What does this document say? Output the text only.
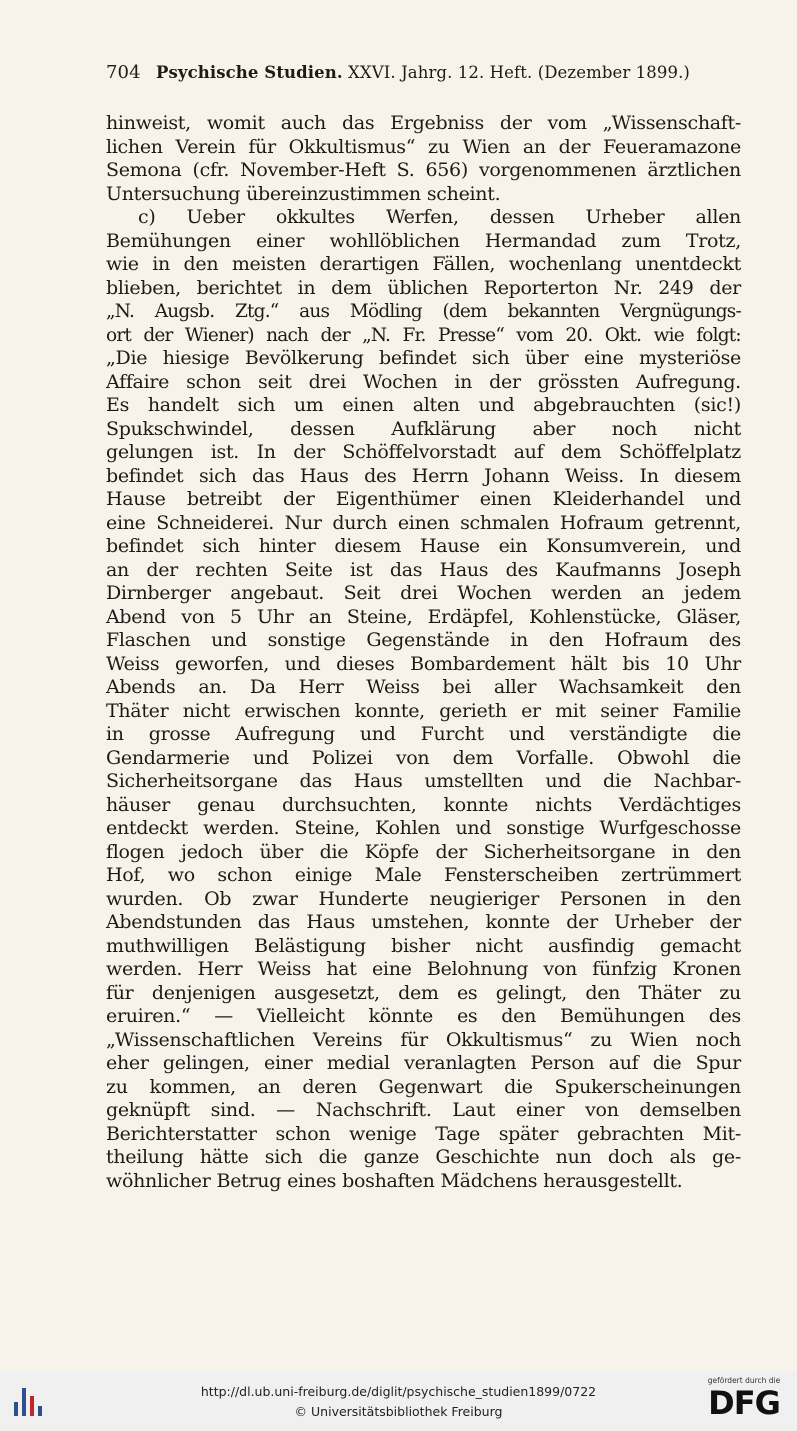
704 Psychische Studien. XXVI. Jahrg. 12. Heft. (Dezember 1899.)
hinweist, womit auch das Ergebniss der vom „Wissenschaft-
lichen Verein für Okkultismus“ zu Wien an der Feueramazone
Semona (cfr. November-Heft S. 656) vorgenommenen ärztlichen
Untersuchung übereinzustimmen scheint.
c) Ueber okkultes Werfen, dessen Urheber allen
Bemühungen einer wohllöblichen Hermandad zum Trotz,
wie in den meisten derartigen Fällen, wochenlang unentdeckt
blieben, berichtet in dem üblichen Reporterton Nr. 249 der
„N. Augsb. Ztg.“ aus Mödling (dem bekannten Vergnügungs-
ort der Wiener) nach der „N. Fr. Presse“ vom 20. Okt. wie folgt:
„Die hiesige Bevölkerung befindet sich über eine mysteriöse
Affaire schon seit drei Wochen in der grössten Aufregung.
Es handelt sich um einen alten und abgebrauchten (sic!)
Spukschwindel, dessen Aufklärung aber noch nicht
gelungen ist. In der Schöffelvorstadt auf dem Schöffelplatz
befindet sich das Haus des Herrn Johann Weiss. In diesem
Hause betreibt der Eigenthümer einen Kleiderhandel und
eine Schneiderei. Nur durch einen schmalen Hofraum getrennt,
befindet sich hinter diesem Hause ein Konsumverein, und
an der rechten Seite ist das Haus des Kaufmanns Joseph
Dirnberger angebaut. Seit drei Wochen werden an jedem
Abend von 5 Uhr an Steine, Erdäpfel, Kohlenstücke, Gläser,
Flaschen und sonstige Gegenstände in den Hofraum des
Weiss geworfen, und dieses Bombardement hält bis 10 Uhr
Abends an. Da Herr Weiss bei aller Wachsamkeit den
Thäter nicht erwischen konnte, gerieth er mit seiner Familie
in grosse Aufregung und Furcht und verständigte die
Gendarmerie und Polizei von dem Vorfalle. Obwohl die
Sicherheitsorgane das Haus umstellten und die Nachbar-
häuser genau durchsuchten, konnte nichts Verdächtiges
entdeckt werden. Steine, Kohlen und sonstige Wurfgeschosse
flogen jedoch über die Köpfe der Sicherheitsorgane in den
Hof, wo schon einige Male Fensterscheiben zertrümmert
wurden. Ob zwar Hunderte neugieriger Personen in den
Abendstunden das Haus umstehen, konnte der Urheber der
muthwilligen Belästigung bisher nicht ausfindig gemacht
werden. Herr Weiss hat eine Belohnung von fünfzig Kronen
für denjenigen ausgesetzt, dem es gelingt, den Thäter zu
eruiren.“ — Vielleicht könnte es den Bemühungen des
„Wissenschaftlichen Vereins für Okkultismus“ zu Wien noch
eher gelingen, einer medial veranlagten Person auf die Spur
zu kommen, an deren Gegenwart die Spukerscheinungen
geknüpft sind. — Nachschrift. Laut einer von demselben
Berichterstatter schon wenige Tage später gebrachten Mit-
theilung hätte sich die ganze Geschichte nun doch als ge-
wöhnlicher Betrug eines boshaften Mädchens herausgestellt.
http://dl.ub.uni-freiburg.de/diglit/psychische_studien1899/0722
© Universitätsbibliothek Freiburg
gefördert durch die
DFG
